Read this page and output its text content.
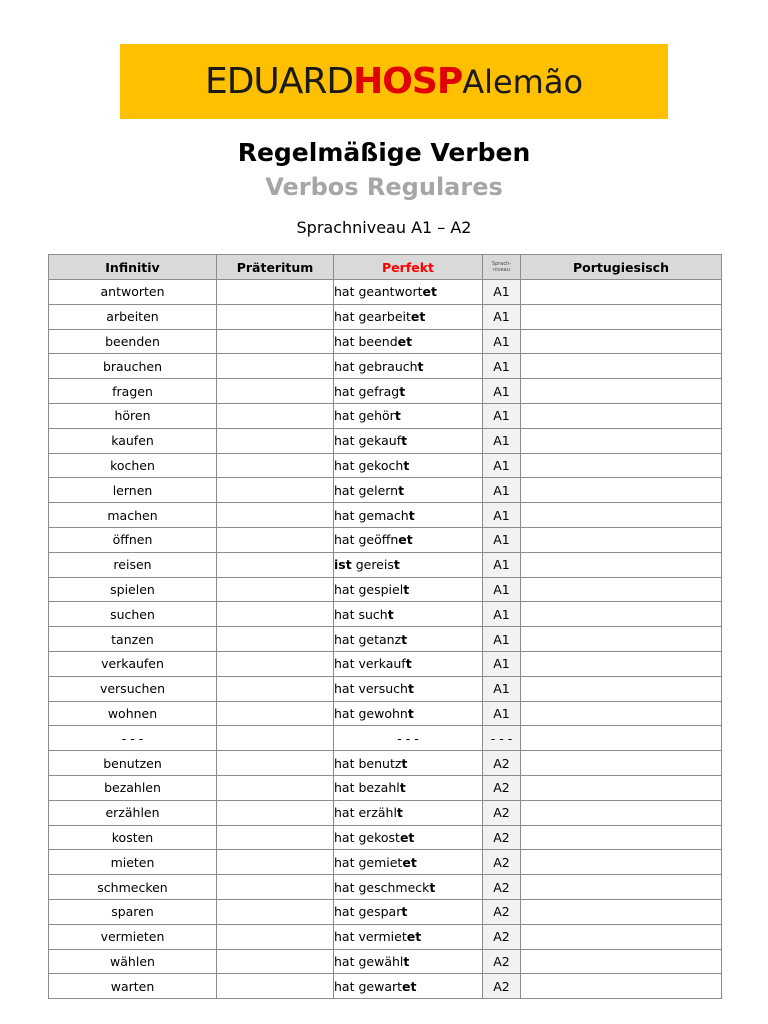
EDUARDHOSPAlemão
Regelmäßige Verben
Verbos Regulares
Sprachniveau A1 – A2
Infinitiv	Präteritum	Perfekt	Sprach-
niveau	Portugiesisch
antworten		hat geantwortet	A1	
arbeiten		hat gearbeitet	A1	
beenden		hat beendet	A1	
brauchen		hat gebraucht	A1	
fragen		hat gefragt	A1	
hören		hat gehört	A1	
kaufen		hat gekauft	A1	
kochen		hat gekocht	A1	
lernen		hat gelernt	A1	
machen		hat gemacht	A1	
öffnen		hat geöffnet	A1	
reisen		ist gereist	A1	
spielen		hat gespielt	A1	
suchen		hat sucht	A1	
tanzen		hat getanzt	A1	
verkaufen		hat verkauft	A1	
versuchen		hat versucht	A1	
wohnen		hat gewohnt	A1	
- - -		- - -	- - -	
benutzen		hat benutzt	A2	
bezahlen		hat bezahlt	A2	
erzählen		hat erzählt	A2	
kosten		hat gekostet	A2	
mieten		hat gemietet	A2	
schmecken		hat geschmeckt	A2	
sparen		hat gespart	A2	
vermieten		hat vermietet	A2	
wählen		hat gewählt	A2	
warten		hat gewartet	A2	
